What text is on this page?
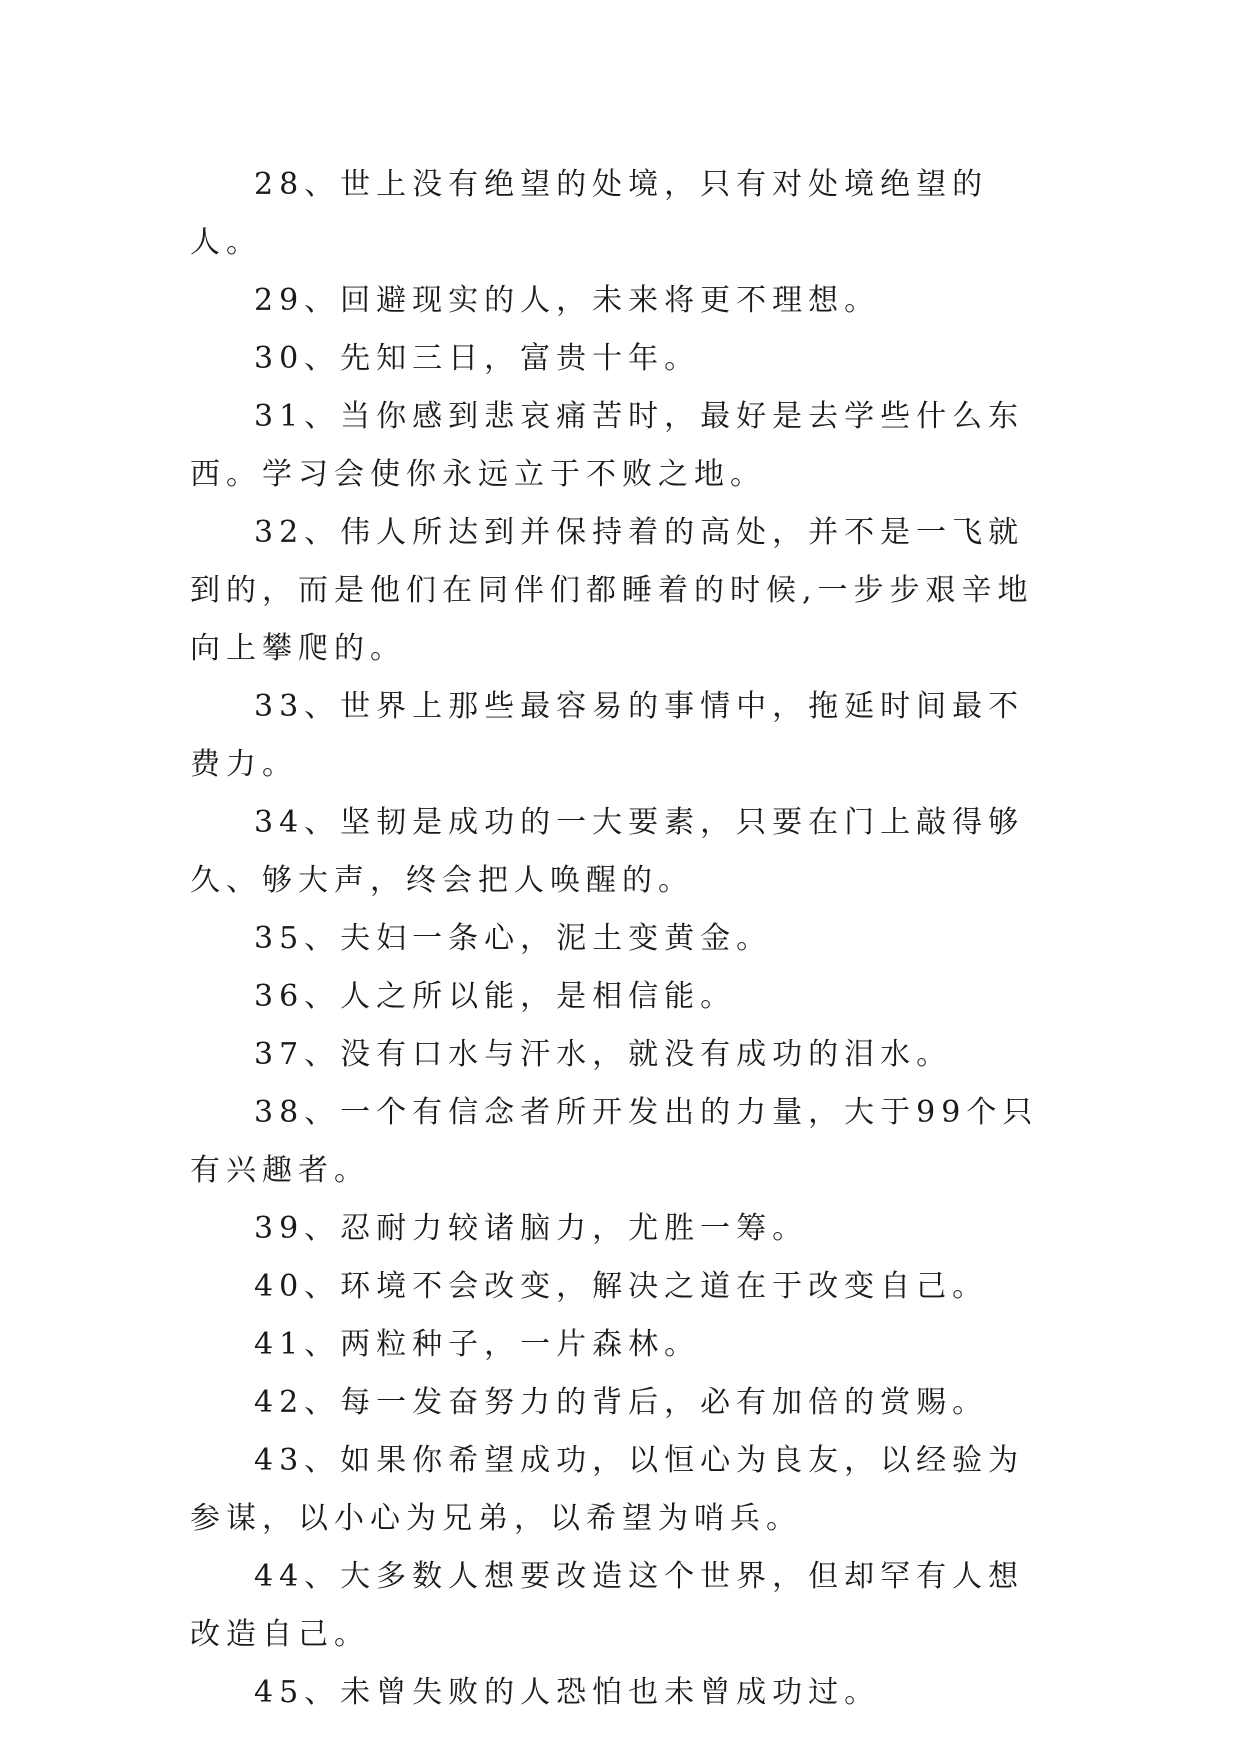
28、世上没有绝望的处境，只有对处境绝望的人。

29、回避现实的人，未来将更不理想。

30、先知三日，富贵十年。

31、当你感到悲哀痛苦时，最好是去学些什么东西。学习会使你永远立于不败之地。

32、伟人所达到并保持着的高处，并不是一飞就到的，而是他们在同伴们都睡着的时候,一步步艰辛地向上攀爬的。

33、世界上那些最容易的事情中，拖延时间最不费力。

34、坚韧是成功的一大要素，只要在门上敲得够久、够大声，终会把人唤醒的。

35、夫妇一条心，泥土变黄金。

36、人之所以能，是相信能。

37、没有口水与汗水，就没有成功的泪水。

38、一个有信念者所开发出的力量，大于99个只有兴趣者。

39、忍耐力较诸脑力，尤胜一筹。

40、环境不会改变，解决之道在于改变自己。

41、两粒种子，一片森林。

42、每一发奋努力的背后，必有加倍的赏赐。

43、如果你希望成功，以恒心为良友，以经验为参谋，以小心为兄弟，以希望为哨兵。

44、大多数人想要改造这个世界，但却罕有人想改造自己。

45、未曾失败的人恐怕也未曾成功过。
